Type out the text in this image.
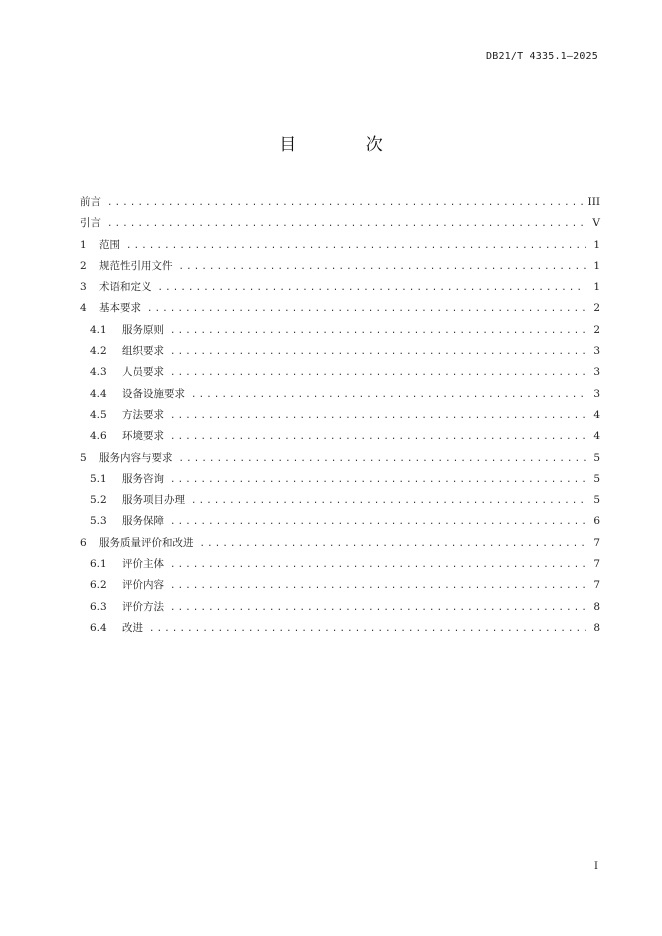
DB21/T 4335.1—2025
目 次
前言 .....	III
引言 .....	V
1	范围 .....	1
2	规范性引用文件 .....	1
3	术语和定义 .....	1
4	基本要求 .....	2
4.1	服务原则 .....	2
4.2	组织要求 .....	3
4.3	人员要求 .....	3
4.4	设备设施要求 .....	3
4.5	方法要求 .....	4
4.6	环境要求 .....	4
5	服务内容与要求 .....	5
5.1	服务咨询 .....	5
5.2	服务项目办理 .....	5
5.3	服务保障 .....	6
6	服务质量评价和改进 .....	7
6.1	评价主体 .....	7
6.2	评价内容 .....	7
6.3	评价方法 .....	8
6.4	改进 .....	8
I
